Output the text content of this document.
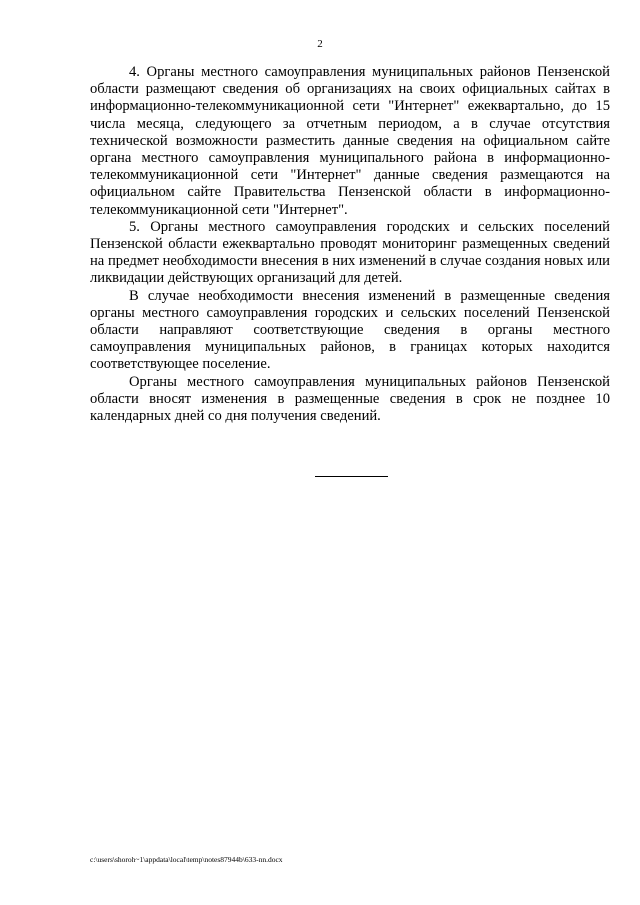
2

4. Органы местного самоуправления муниципальных районов Пензенской области размещают сведения об организациях на своих официальных сайтах в информационно-телекоммуникационной сети "Интернет" ежеквартально, до 15 числа месяца, следующего за отчетным периодом, а в случае отсутствия технической возможности разместить данные сведения на официальном сайте органа местного самоуправления муниципального района в информационно-телекоммуникационной сети "Интернет" данные сведения размещаются на официальном сайте Правительства Пензенской области в информационно-телекоммуникационной сети "Интернет".

5. Органы местного самоуправления городских и сельских поселений Пензенской области ежеквартально проводят мониторинг размещенных сведений на предмет необходимости внесения в них изменений в случае создания новых или ликвидации действующих организаций для детей.

В случае необходимости внесения изменений в размещенные сведения органы местного самоуправления городских и сельских поселений Пензенской области направляют соответствующие сведения в органы местного самоуправления муниципальных районов, в границах которых находится соответствующее поселение.

Органы местного самоуправления муниципальных районов Пензенской области вносят изменения в размещенные сведения в срок не позднее 10 календарных дней со дня получения сведений.

c:\users\shoroh~1\appdata\local\temp\notes87944b\633-nn.docx
